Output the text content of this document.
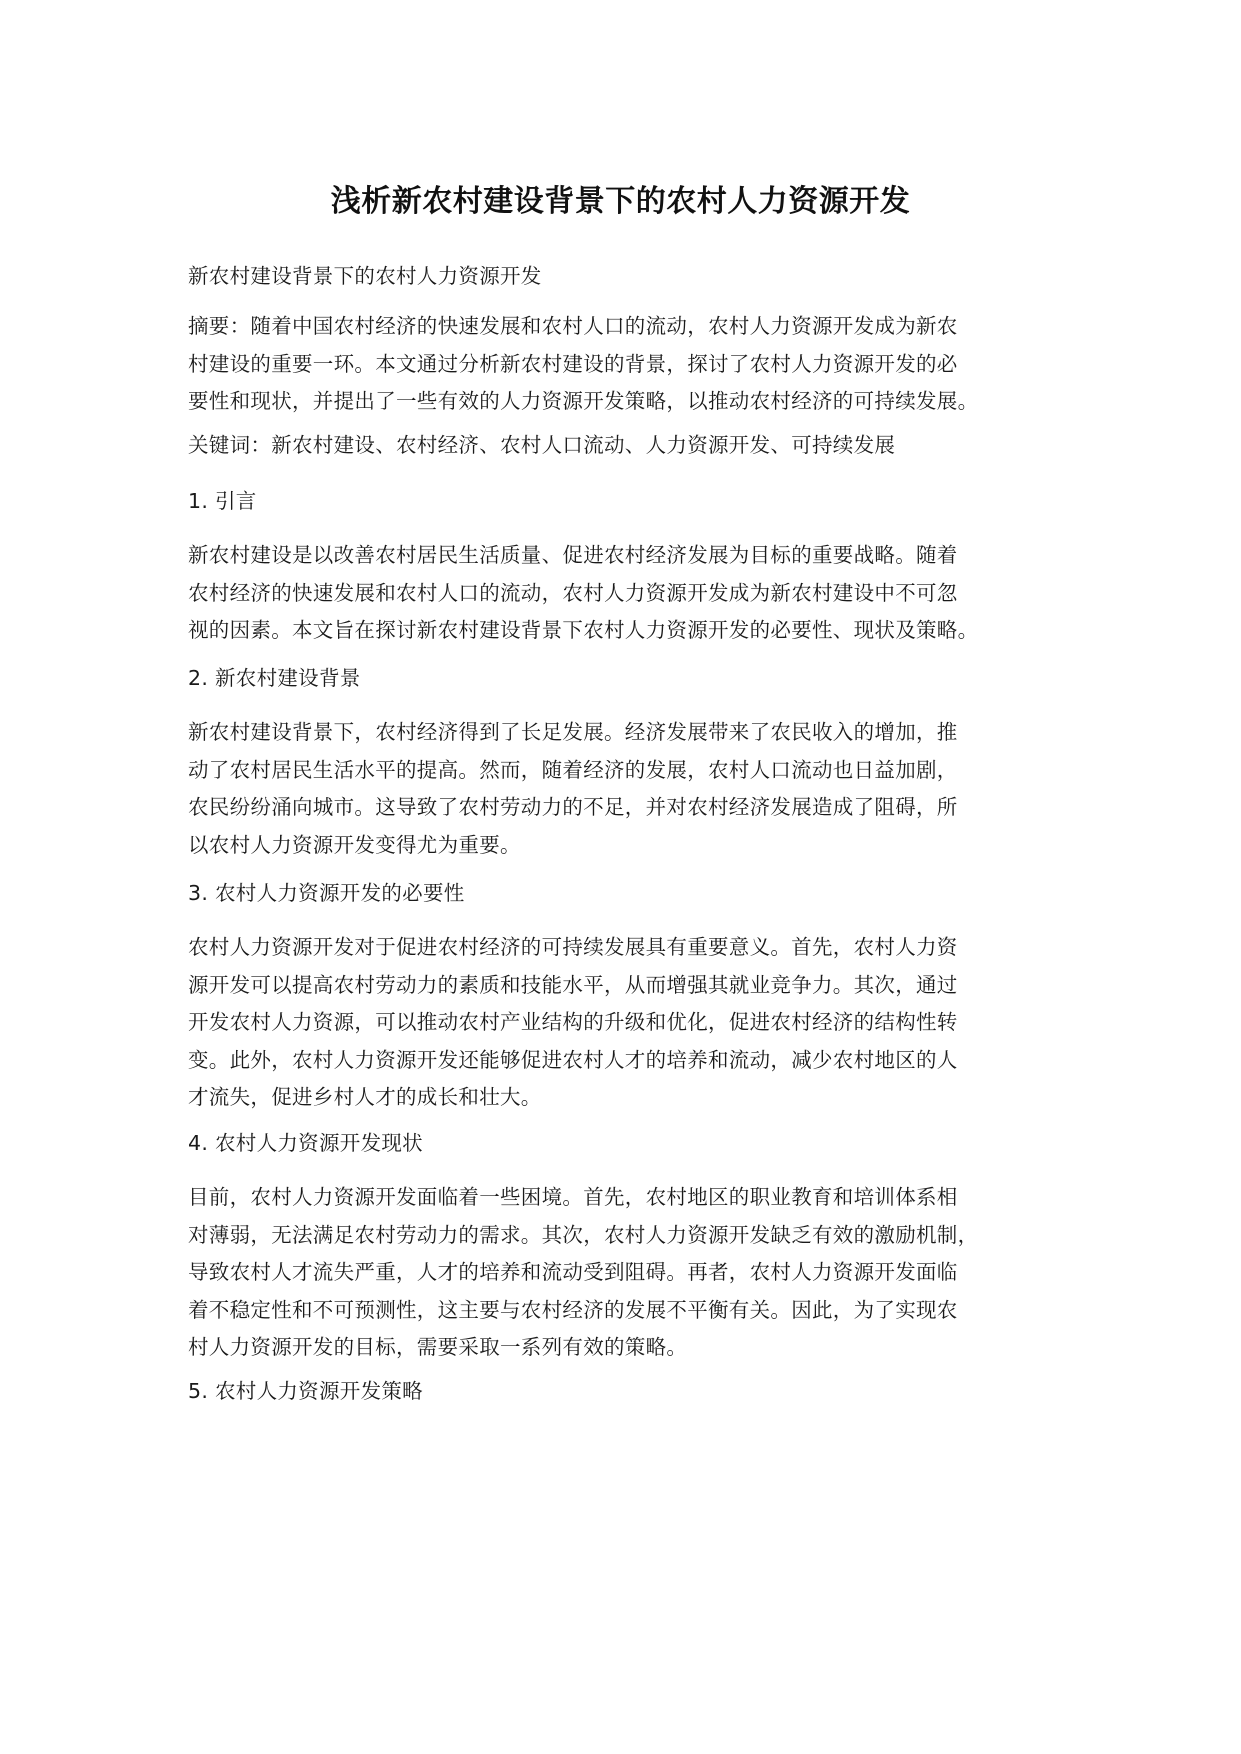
浅析新农村建设背景下的农村人力资源开发

新农村建设背景下的农村人力资源开发

摘要：随着中国农村经济的快速发展和农村人口的流动，农村人力资源开发成为新农
村建设的重要一环。本文通过分析新农村建设的背景，探讨了农村人力资源开发的必
要性和现状，并提出了一些有效的人力资源开发策略，以推动农村经济的可持续发展。

关键词：新农村建设、农村经济、农村人口流动、人力资源开发、可持续发展

1. 引言

新农村建设是以改善农村居民生活质量、促进农村经济发展为目标的重要战略。随着
农村经济的快速发展和农村人口的流动，农村人力资源开发成为新农村建设中不可忽
视的因素。本文旨在探讨新农村建设背景下农村人力资源开发的必要性、现状及策略。

2. 新农村建设背景

新农村建设背景下，农村经济得到了长足发展。经济发展带来了农民收入的增加，推
动了农村居民生活水平的提高。然而，随着经济的发展，农村人口流动也日益加剧，
农民纷纷涌向城市。这导致了农村劳动力的不足，并对农村经济发展造成了阻碍，所
以农村人力资源开发变得尤为重要。

3. 农村人力资源开发的必要性

农村人力资源开发对于促进农村经济的可持续发展具有重要意义。首先，农村人力资
源开发可以提高农村劳动力的素质和技能水平，从而增强其就业竞争力。其次，通过
开发农村人力资源，可以推动农村产业结构的升级和优化，促进农村经济的结构性转
变。此外，农村人力资源开发还能够促进农村人才的培养和流动，减少农村地区的人
才流失，促进乡村人才的成长和壮大。

4. 农村人力资源开发现状

目前，农村人力资源开发面临着一些困境。首先，农村地区的职业教育和培训体系相
对薄弱，无法满足农村劳动力的需求。其次，农村人力资源开发缺乏有效的激励机制，
导致农村人才流失严重，人才的培养和流动受到阻碍。再者，农村人力资源开发面临
着不稳定性和不可预测性，这主要与农村经济的发展不平衡有关。因此，为了实现农
村人力资源开发的目标，需要采取一系列有效的策略。

5. 农村人力资源开发策略
